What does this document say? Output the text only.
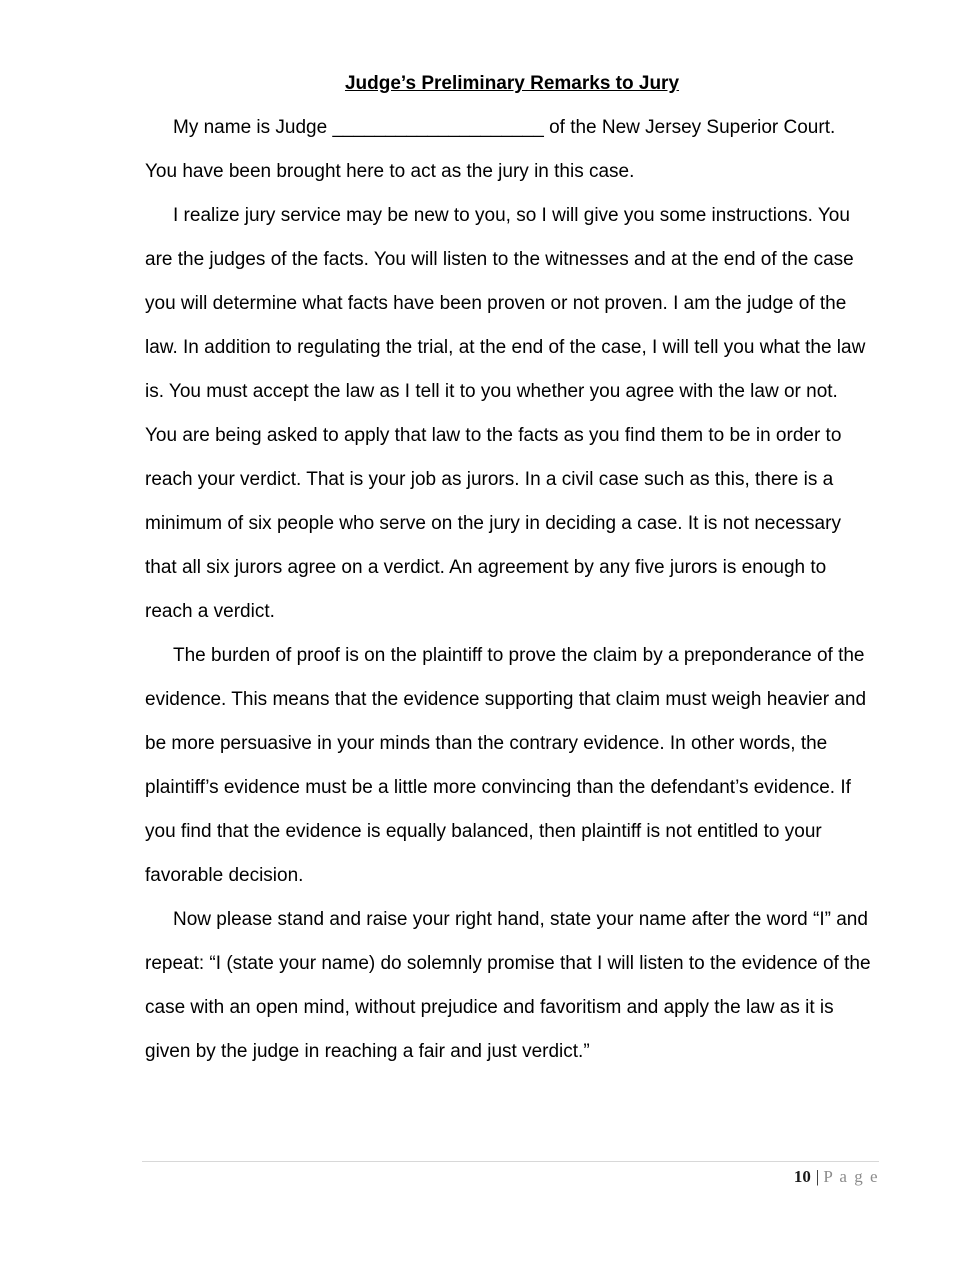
Judge’s Preliminary Remarks to Jury
My name is Judge ____________________ of the New Jersey Superior Court.
You have been brought here to act as the jury in this case.
I realize jury service may be new to you, so I will give you some instructions. You
are the judges of the facts. You will listen to the witnesses and at the end of the case
you will determine what facts have been proven or not proven. I am the judge of the
law. In addition to regulating the trial, at the end of the case, I will tell you what the law
is. You must accept the law as I tell it to you whether you agree with the law or not.
You are being asked to apply that law to the facts as you find them to be in order to
reach your verdict. That is your job as jurors. In a civil case such as this, there is a
minimum of six people who serve on the jury in deciding a case. It is not necessary
that all six jurors agree on a verdict. An agreement by any five jurors is enough to
reach a verdict.
The burden of proof is on the plaintiff to prove the claim by a preponderance of the
evidence. This means that the evidence supporting that claim must weigh heavier and
be more persuasive in your minds than the contrary evidence. In other words, the
plaintiff’s evidence must be a little more convincing than the defendant’s evidence. If
you find that the evidence is equally balanced, then plaintiff is not entitled to your
favorable decision.
Now please stand and raise your right hand, state your name after the word “I” and
repeat: “I (state your name) do solemnly promise that I will listen to the evidence of the
case with an open mind, without prejudice and favoritism and apply the law as it is
given by the judge in reaching a fair and just verdict.”
10 | P a g e
